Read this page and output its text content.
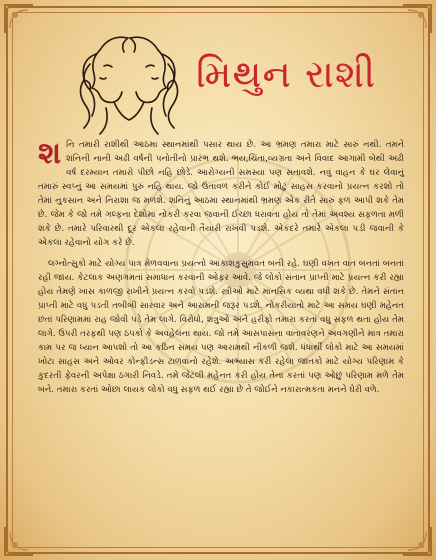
મિથુન રાશી

શનિ તમારી રાશીથી આઠમા સ્થાનમાંથી પસાર થાય છે. આ ભ્રમણ તમારા માટે સારું નથી. તમને શનિની નાની અઢી વર્ષની પનોતીનો પ્રારંભ થશે. ભય,ચિંતા,વ્યગ્રતા અને વિવાદ આગામી બેથી અઢી વર્ષ દરમ્યાન તમારો પીછો નહિ છોડે. આરોગ્યની સમસ્યા પણ સતાવશે. નવું વાહન કે ઘર લેવાનું તમારું સ્વપ્નું આ સમયમાં પુરું નહિ થાય. જો ઉતાવળ કરીને કોઈ મોટું સાહસ કરવાનો પ્રયત્ન કરશો તો તેમાં નુકસાન અને નિરાશા જ મળશે. શનિનું આઠમા સ્થાનમાંથી ભ્રમણ એક રીતે સારું ફળ આપી શકે તેમ છે. જેમ કે જો તમે ગલ્ફના દેશોમાં નોકરી કરવા જવાની ઈચ્છા ધરાવતા હોય તો તેમાં અવશ્ય સફળતા મળી શકે છે. તમારે પરિવારથી દૂર એકલા રહેવાની તૈયારી રાખવી પડશે. એકંદરે તમારે એકલા પડી જવાની કે એકલા રહેવાનો યોગ કરે છે.

લગ્નોત્સુકો માટે યોગ્ય પાત્ર મેળવવાના પ્રયત્નો આકાશકુસુમવત બની રહે. ઘણી વખત વાત બનતાં બનતાં રહી જાય. કેટલાક અણગમતાં સમાધાન કરવાની ઓફર આવે. જે લોકો સંતાન પ્રાપ્તી માટે પ્રયત્ન કરી રહ્યા હોય તેમણે ખાસ કાળજી રાખીને પ્રયત્ન કરવો પડશે. સ્ત્રીઓ માટે માનસિક વ્યથા વધી શકે છે. તેમને સંતાન પ્રાપ્તી માટે વધુ પડતી તબીબી સારવાર અને આરામની જરૂર પડશે. નોકરીયાતો માટે આ સમય ઘણી મહેનત છતાં પરિણામમાં રાહ જોવી પડે તેમ લાગે. વિરોધો, શત્રુઓ અને હરીફો તમારા કરતાં વધુ સફળ થતા હોય તેમ લાગે. ઉપરી તરફથી પણ ઠપકો કે અવહેલના થાય. જો તમે આસપાસના વાતાવરણને અવગણીને માત્ર તમારા કામ પર જ ધ્યાન આપશો તો આ કઠિન સમય પણ આરામથી નીકળી જશે. ધંધાર્થી લોકો માટે આ સમયમાં ખોટા સાહસ અને ઓવર કોન્ફીડન્સ ટાળવાનો રહેશે. અભ્યાસ કરી રહેલા જાતકો માટે યોગ્ય પરિણામ કે કુદરતી ફેવરની અપેક્ષા ઠગારી નિવડે. તમે જેટલી મહેનત કરી હોય તેના કરતાં પણ ઓછું પરિણામ મળે તેમ બને. તમારા કરતાં ઓછા લાયક લોકો વધુ સફળ થઈ રહ્યા છે તે જોઈને નકારાત્મકતા મનને ઘેરી વળે.
